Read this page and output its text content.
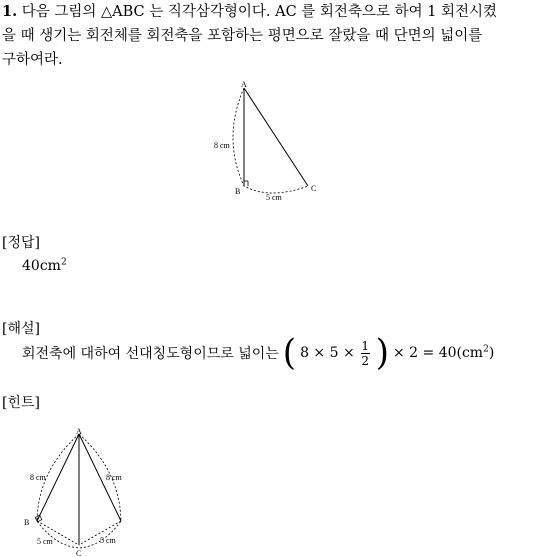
1. 다음 그림의 △ABC 는 직각삼각형이다. AC 를 회전축으로 하여 1 회전시켰
을 때 생기는 회전체를 회전축을 포함하는 평면으로 잘랐을 때 단면의 넓이를
구하여라.
A
B	C
8 cm
5 cm
[정답]
$40cm^2$
[해설]
회전축에 대하여 선대칭도형이므로 넓이는 ( $8 \times 5 \times \frac{1}{2}$ ) × $2 = 40(cm^2)$
[힌트]
A
B
C
8 cm	8 cm
5 cm	5 cm
